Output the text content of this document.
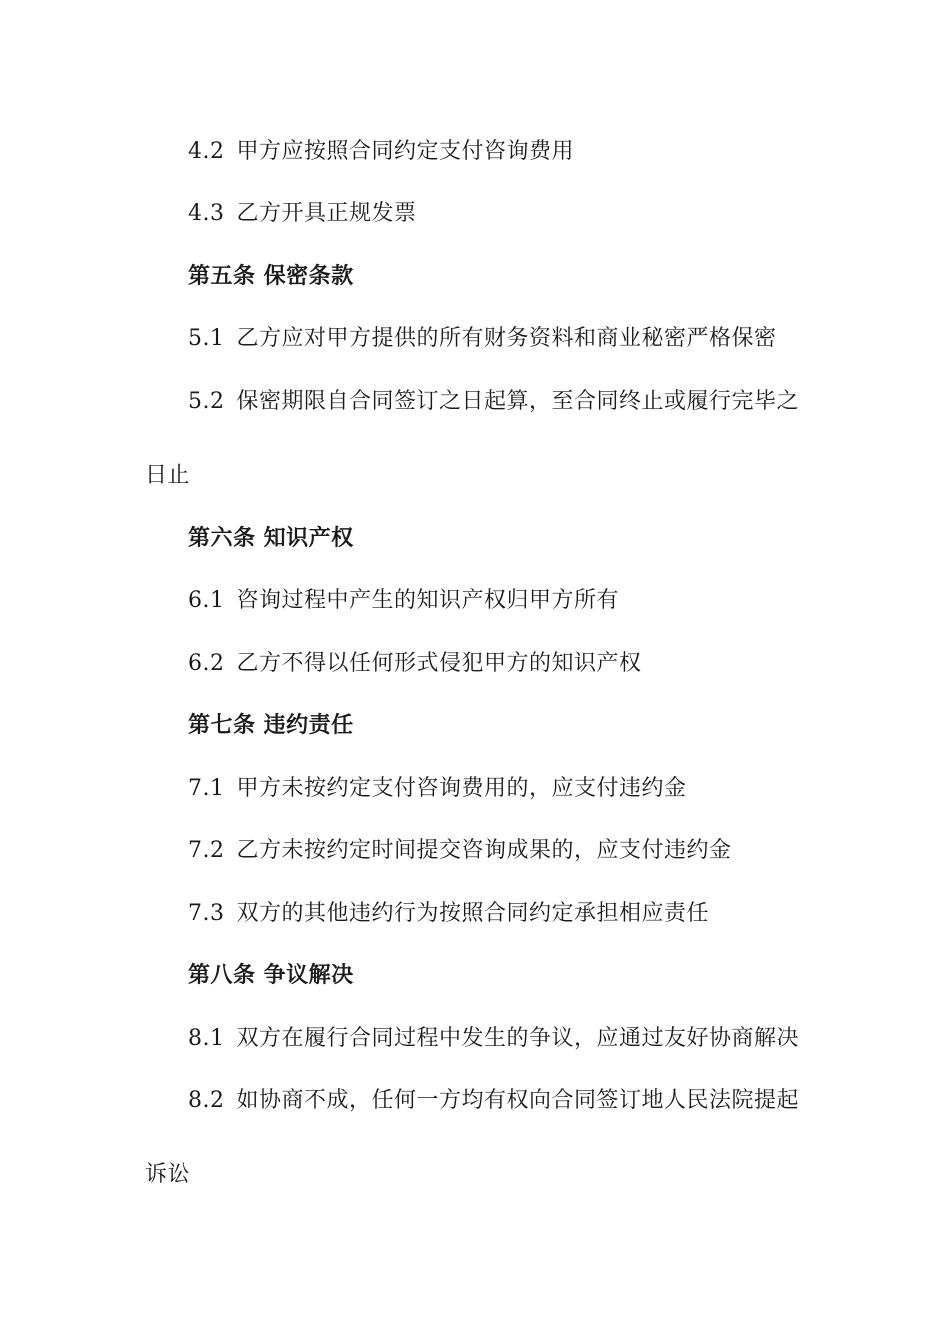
4.2 甲方应按照合同约定支付咨询费用
4.3 乙方开具正规发票
第五条 保密条款
5.1 乙方应对甲方提供的所有财务资料和商业秘密严格保密
5.2 保密期限自合同签订之日起算，至合同终止或履行完毕之
日止
第六条 知识产权
6.1 咨询过程中产生的知识产权归甲方所有
6.2 乙方不得以任何形式侵犯甲方的知识产权
第七条 违约责任
7.1 甲方未按约定支付咨询费用的，应支付违约金
7.2 乙方未按约定时间提交咨询成果的，应支付违约金
7.3 双方的其他违约行为按照合同约定承担相应责任
第八条 争议解决
8.1 双方在履行合同过程中发生的争议，应通过友好协商解决
8.2 如协商不成，任何一方均有权向合同签订地人民法院提起
诉讼
